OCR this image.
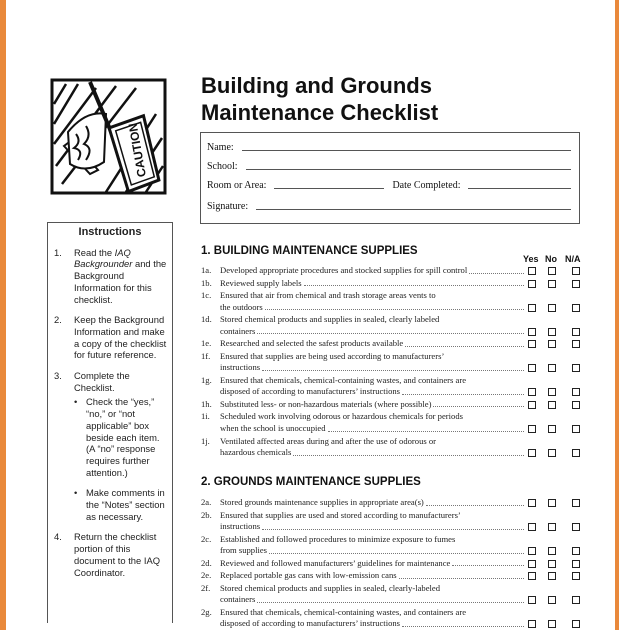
CAUTION
Building and Grounds
Maintenance Checklist
Name:
School:
Room or Area:	Date Completed:
Signature:
Instructions
1. Read the IAQ Backgrounder and the Background Information for this checklist.
2. Keep the Background Information and make a copy of the checklist for future reference.
3. Complete the Checklist.
• Check the “yes,” “no,” or “not applicable” box beside each item. (A “no” response requires further attention.)
• Make comments in the “Notes” section as necessary.
4. Return the checklist portion of this document to the IAQ Coordinator.
1. BUILDING MAINTENANCE SUPPLIES
Yes No N/A
1a. Developed appropriate procedures and stocked supplies for spill control
1b. Reviewed supply labels
1c. Ensured that air from chemical and trash storage areas vents to
the outdoors
1d. Stored chemical products and supplies in sealed, clearly labeled
containers
1e. Researched and selected the safest products available
1f. Ensured that supplies are being used according to manufacturers’
instructions
1g. Ensured that chemicals, chemical-containing wastes, and containers are
disposed of according to manufacturers’ instructions
1h. Substituted less- or non-hazardous materials (where possible)
1i. Scheduled work involving odorous or hazardous chemicals for periods
when the school is unoccupied
1j. Ventilated affected areas during and after the use of odorous or
hazardous chemicals
2. GROUNDS MAINTENANCE SUPPLIES
2a. Stored grounds maintenance supplies in appropriate area(s)
2b. Ensured that supplies are used and stored according to manufacturers’
instructions
2c. Established and followed procedures to minimize exposure to fumes
from supplies
2d. Reviewed and followed manufacturers’ guidelines for maintenance
2e. Replaced portable gas cans with low-emission cans
2f. Stored chemical products and supplies in sealed, clearly-labeled
containers
2g. Ensured that chemicals, chemical-containing wastes, and containers are
disposed of according to manufacturers’ instructions
